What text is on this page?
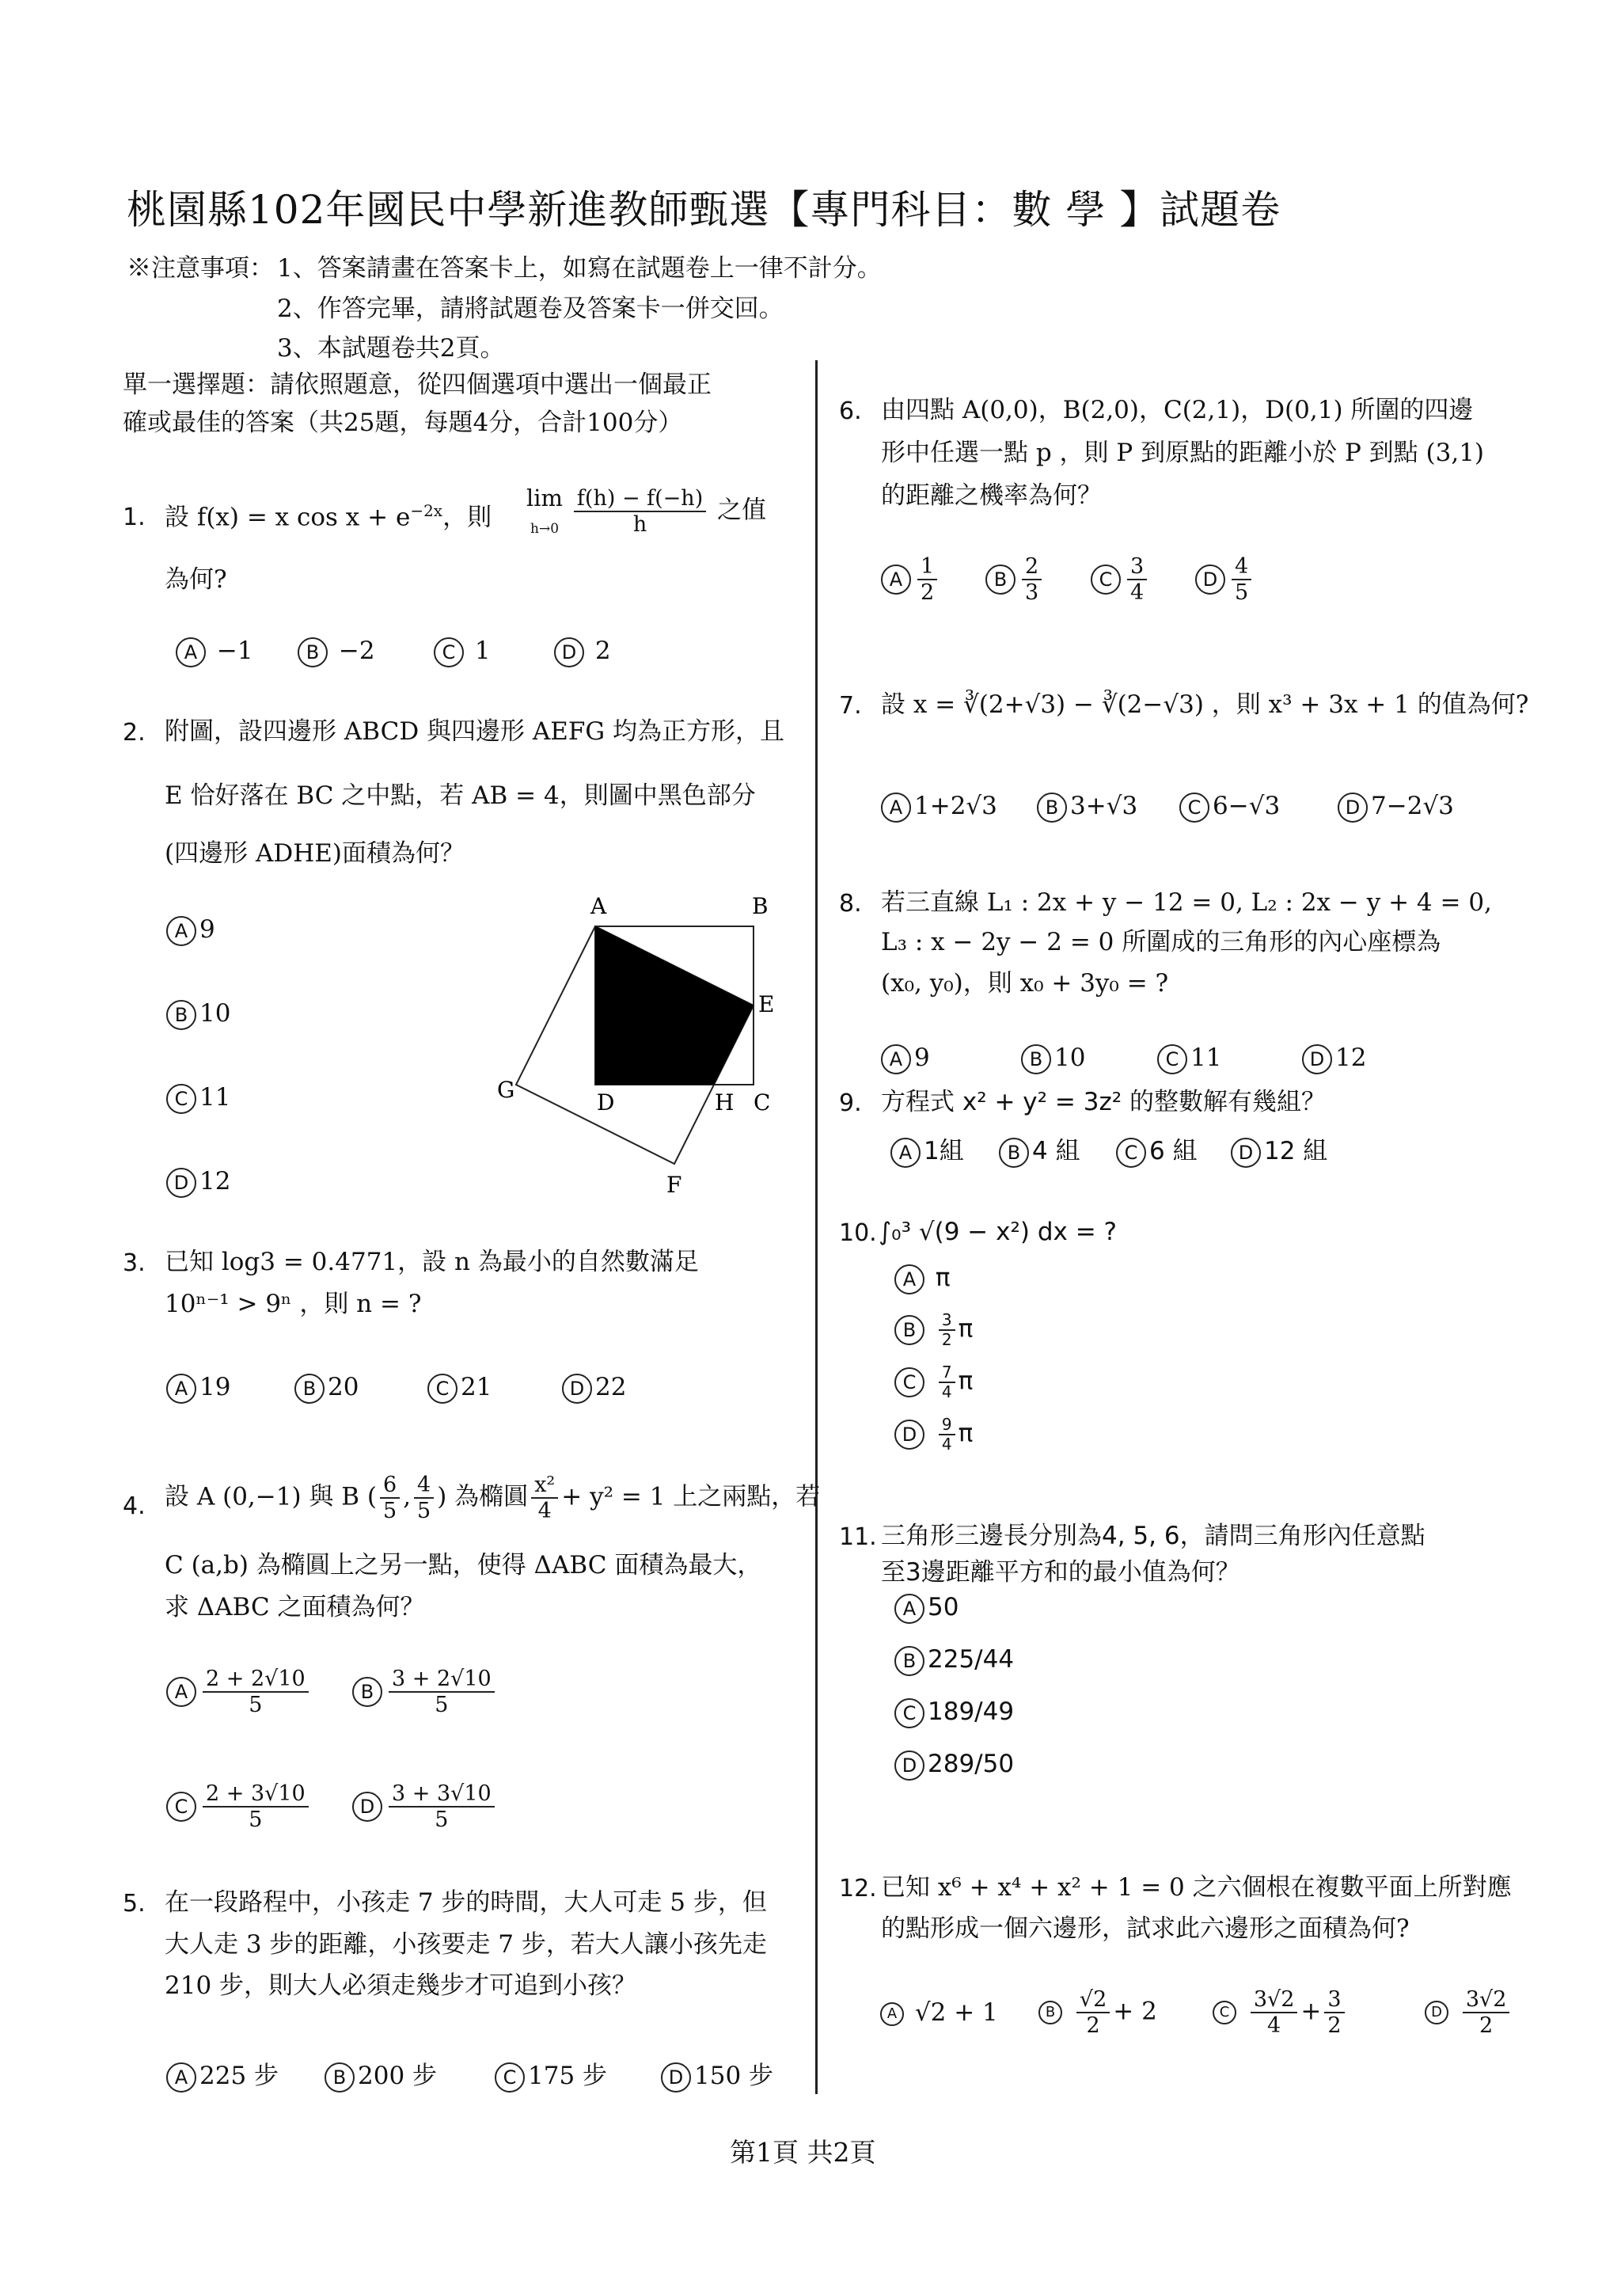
桃園縣102年國民中學新進教師甄選【專門科目：數 學 】試題卷
※注意事項： 1、答案請畫在答案卡上，如寫在試題卷上一律不計分。
2、作答完畢，請將試題卷及答案卡一併交回。
3、本試題卷共2頁。
單一選擇題：請依照題意，從四個選項中選出一個最正
確或最佳的答案（共25題，每題4分，合計100分）
1. 設 f(x) = x $\cos x + e^{-2x}$，則
lim
$h\to 0 \frac{f(h) - f(-h)}{h}$ 之值
為何?
A −1	B −2	C 1	D 2
2. 附圖，設四邊形 ABCD 與四邊形 AEFG 均為正方形，且
E 恰好落在 BC 之中點，若 AB = 4，則圖中黑色部分
(四邊形 ADHE)面積為何？
A 9
B 10
C 11
D 12
A	B
E
C
H
D
G
F
3. 已知 log3 = 0.4771，設 n 為最小的自然數滿足
10ⁿ⁻¹ > 9ⁿ ，則 n = ?
A 19	B 20	C 21	D 22
4. 設 A (0,−1) 與 B ( $\frac{6}{5}$ , $\frac{4}{5}$ ) 為橢圓 $\frac{\text{x²}}{4} + y^2 = 1$ 上之兩點，若
C (a,b) 為橢圓上之另一點，使得 ΔABC 面積為最大，
求 ΔABC 之面積為何？
A $\frac{2 + 2√10}{5}$	B $\frac{3 + 2√10}{5}$
C $\frac{2 + 3√10}{5}$	D $\frac{3 + 3√10}{5}$
5. 在一段路程中，小孩走 7 步的時間，大人可走 5 步，但
大人走 3 步的距離，小孩要走 7 步，若大人讓小孩先走
210 步，則大人必須走幾步才可追到小孩？
A 225 步	B 200 步	C 175 步	D 150 步
6. 由四點 A(0,0)，B(2,0)，C(2,1)，D(0,1) 所圍的四邊
形中任選一點 p ，則 P 到原點的距離小於 P 到點 (3,1)
的距離之機率為何？
A $\frac{1}{2}$	B $\frac{2}{3}$	C $\frac{3}{4}$	D $\frac{4}{5}$
7. 設 x = ∛(2+√3) − ∛(2−√3) ，則 x³ + 3x + 1 的值為何?
A 1+2√3	B 3+√3	C 6−√3	D 7−2√3
8. 若三直線 L₁ : 2x + y − 12 = 0, L₂ : 2x − y + 4 = 0,
L₃ : x − 2y − 2 = 0 所圍成的三角形的內心座標為
(x₀, y₀)，則 x₀ + 3y₀ = ?
A 9	B 10	C 11	D 12
9. 方程式 x² + y² = 3z² 的整數解有幾組？
A 1組	B 4 組	C 6 組	D 12 組
10. ∫₀³ √(9 − x²) dx = ?
A π
B $\frac{3}{2}$ π
C $\frac{7}{4}$ π
D $\frac{9}{4}$ π
11. 三角形三邊長分別為4, 5, 6，請問三角形內任意點
至3邊距離平方和的最小值為何？
A 50
B 225/44
C 189/49
D 289/50
12. 已知 x⁶ + x⁴ + x² + 1 = 0 之六個根在複數平面上所對應
的點形成一個六邊形，試求此六邊形之面積為何?
A √2 + 1	B $\frac{√2}{2} + 2$	C $\frac{3√2}{4} + \frac{3}{2}$	D $\frac{3√2}{2}$
第1頁 共2頁
